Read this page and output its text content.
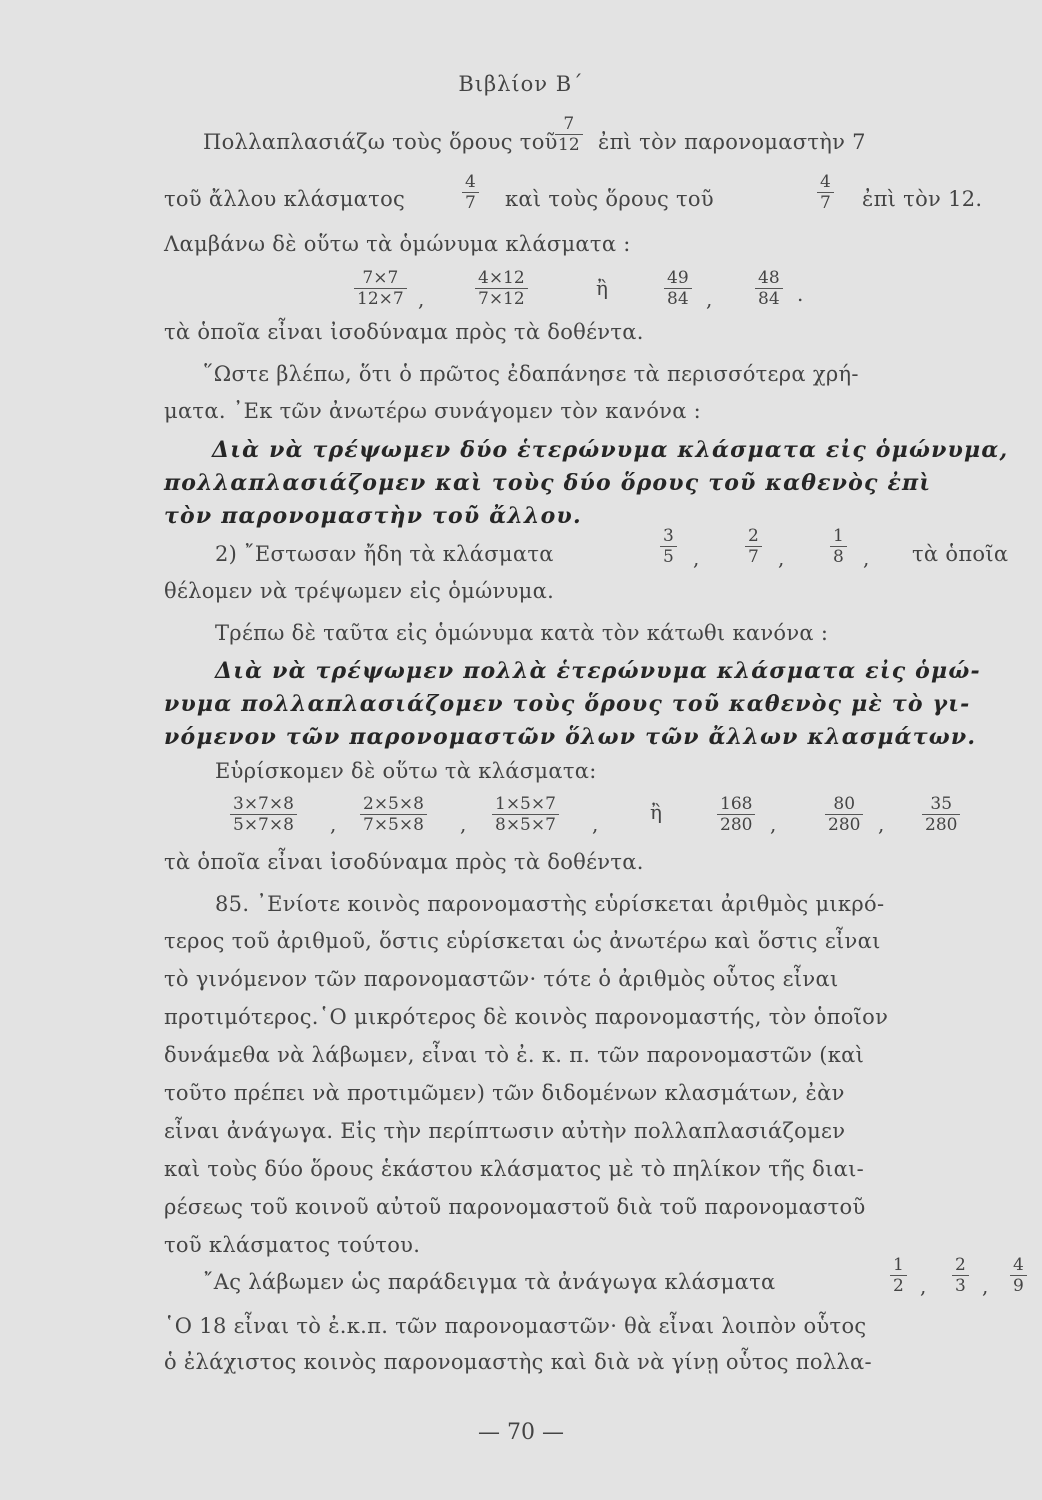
Βιβλίον Β΄
Πολλαπλασιάζω τοὺς ὅρους τοῦ
$\frac{7}{12}$ ἐπὶ τὸν παρονομαστὴν 7
τοῦ ἄλλου κλάσματος	$\frac{4}{7}$ καὶ τοὺς ὅρους τοῦ	$\frac{4}{7}$ ἐπὶ τὸν 12.
Λαμβάνω δὲ οὕτω τὰ ὁμώνυμα κλάσματα :
$\frac{7\times 7}{12\times 7}$ ,	$\frac{4\times 12}{7\times 12}$	ἢ	$\frac{49}{84}$ ,	$\frac{48}{84}$ .
τὰ ὁποῖα εἶναι ἰσοδύναμα πρὸς τὰ δοθέντα.
῞Ωστε βλέπω, ὅτι ὁ πρῶτος ἐδαπάνησε τὰ περισσότερα χρή-
ματα. ᾽Εκ τῶν ἀνωτέρω συνάγομεν τὸν κανόνα :
Διὰ νὰ τρέψωμεν δύο ἑτερώνυμα κλάσματα εἰς ὁμώνυμα,
πολλαπλασιάζομεν καὶ τοὺς δύο ὅρους τοῦ καθενὸς ἐπὶ
τὸν παρονομαστὴν τοῦ ἄλλου.
2) ῎Εστωσαν ἤδη τὰ κλάσματα	$\frac{3}{5}$ ,	$\frac{2}{7}$ ,	$\frac{1}{8}$ , τὰ ὁποῖα
θέλομεν νὰ τρέψωμεν εἰς ὁμώνυμα.
Τρέπω δὲ ταῦτα εἰς ὁμώνυμα κατὰ τὸν κάτωθι κανόνα :
Διὰ νὰ τρέψωμεν πολλὰ ἑτερώνυμα κλάσματα εἰς ὁμώ-
νυμα πολλαπλασιάζομεν τοὺς ὅρους τοῦ καθενὸς μὲ τὸ γι-
νόμενον τῶν παρονομαστῶν ὅλων τῶν ἄλλων κλασμάτων.
Εὑρίσκομεν δὲ οὕτω τὰ κλάσματα:
$\frac{3\times 7\times 8}{5\times 7\times 8}$ , $\frac{2\times 5\times 8}{7\times 5\times 8}$ , $\frac{1\times 5\times 7}{8\times 5\times 7}$ ,	ἢ	$\frac{168}{280}$ ,	$\frac{80}{280}$ , $\frac{35}{280}$
τὰ ὁποῖα εἶναι ἰσοδύναμα πρὸς τὰ δοθέντα.
85. ᾽Ενίοτε κοινὸς παρονομαστὴς εὑρίσκεται ἀριθμὸς μικρό-
τερος τοῦ ἀριθμοῦ, ὅστις εὑρίσκεται ὡς ἀνωτέρω καὶ ὅστις εἶναι
τὸ γινόμενον τῶν παρονομαστῶν· τότε ὁ ἀριθμὸς οὗτος εἶναι
προτιμότερος.῾Ο μικρότερος δὲ κοινὸς παρονομαστής, τὸν ὁποῖον
δυνάμεθα νὰ λάβωμεν, εἶναι τὸ ἐ. κ. π. τῶν παρονομαστῶν (καὶ
τοῦτο πρέπει νὰ προτιμῶμεν) τῶν διδομένων κλασμάτων, ἐὰν
εἶναι ἀνάγωγα. Εἰς τὴν περίπτωσιν αὐτὴν πολλαπλασιάζομεν
καὶ τοὺς δύο ὅρους ἑκάστου κλάσματος μὲ τὸ πηλίκον τῆς διαι-
ρέσεως τοῦ κοινοῦ αὐτοῦ παρονομαστοῦ διὰ τοῦ παρονομαστοῦ
τοῦ κλάσματος τούτου.
῎Ας λάβωμεν ὡς παράδειγμα τὰ ἀνάγωγα κλάσματα	$\frac{1}{2}$ , $\frac{2}{3}$ , $\frac{4}{9}$
῾Ο 18 εἶναι τὸ ἐ.κ.π. τῶν παρονομαστῶν· θὰ εἶναι λοιπὸν οὗτος
ὁ ἐλάχιστος κοινὸς παρονομαστὴς καὶ διὰ νὰ γίνῃ οὗτος πολλα-
— 70 —
